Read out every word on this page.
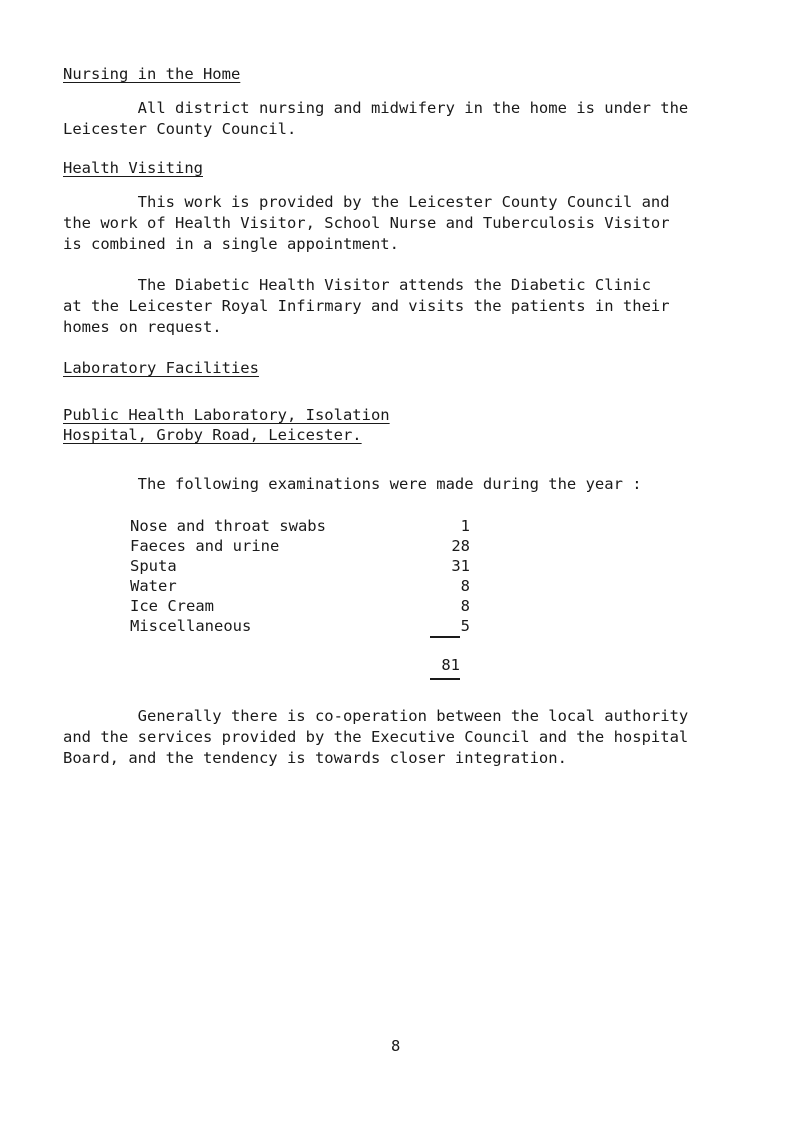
Nursing in the Home
All district nursing and midwifery in the home is under the
Leicester County Council.
Health Visiting
This work is provided by the Leicester County Council and
the work of Health Visitor, School Nurse and Tuberculosis Visitor
is combined in a single appointment.
The Diabetic Health Visitor attends the Diabetic Clinic
at the Leicester Royal Infirmary and visits the patients in their
homes on request.
Laboratory Facilities
Public Health Laboratory, Isolation
Hospital, Groby Road, Leicester.
The following examinations were made during the year :
Nose and throat swabs	1
Faeces and urine	28
Sputa	31
Water	8
Ice Cream	8
Miscellaneous	5
81
Generally there is co-operation between the local authority
and the services provided by the Executive Council and the hospital
Board, and the tendency is towards closer integration.
8
